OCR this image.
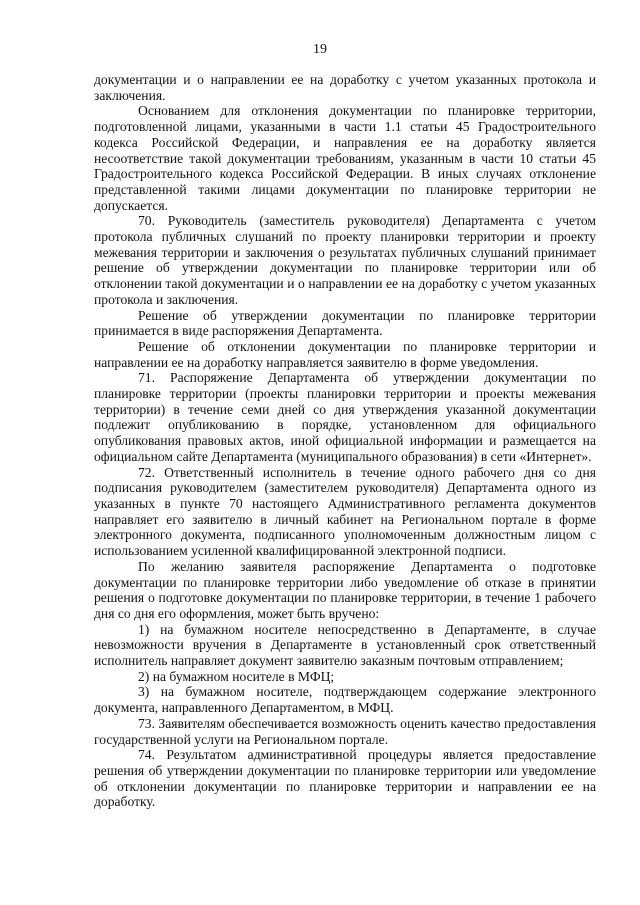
19

документации и о направлении ее на доработку с учетом указанных протокола и заключения.

Основанием для отклонения документации по планировке территории, подготовленной лицами, указанными в части 1.1 статьи 45 Градостроительного кодекса Российской Федерации, и направления ее на доработку является несоответствие такой документации требованиям, указанным в части 10 статьи 45 Градостроительного кодекса Российской Федерации. В иных случаях отклонение представленной такими лицами документации по планировке территории не допускается.

70. Руководитель (заместитель руководителя) Департамента с учетом протокола публичных слушаний по проекту планировки территории и проекту межевания территории и заключения о результатах публичных слушаний принимает решение об утверждении документации по планировке территории или об отклонении такой документации и о направлении ее на доработку с учетом указанных протокола и заключения.

Решение об утверждении документации по планировке территории принимается в виде распоряжения Департамента.

Решение об отклонении документации по планировке территории и направлении ее на доработку направляется заявителю в форме уведомления.

71. Распоряжение Департамента об утверждении документации по планировке территории (проекты планировки территории и проекты межевания территории) в течение семи дней со дня утверждения указанной документации подлежит опубликованию в порядке, установленном для официального опубликования правовых актов, иной официальной информации и размещается на официальном сайте Департамента (муниципального образования) в сети «Интернет».

72. Ответственный исполнитель в течение одного рабочего дня со дня подписания руководителем (заместителем руководителя) Департамента одного из указанных в пункте 70 настоящего Административного регламента документов направляет его заявителю в личный кабинет на Региональном портале в форме электронного документа, подписанного уполномоченным должностным лицом с использованием усиленной квалифицированной электронной подписи.

По желанию заявителя распоряжение Департамента о подготовке документации по планировке территории либо уведомление об отказе в принятии решения о подготовке документации по планировке территории, в течение 1 рабочего дня со дня его оформления, может быть вручено:

1) на бумажном носителе непосредственно в Департаменте, в случае невозможности вручения в Департаменте в установленный срок ответственный исполнитель направляет документ заявителю заказным почтовым отправлением;

2) на бумажном носителе в МФЦ;

3) на бумажном носителе, подтверждающем содержание электронного документа, направленного Департаментом, в МФЦ.

73. Заявителям обеспечивается возможность оценить качество предоставления государственной услуги на Региональном портале.

74. Результатом административной процедуры является предоставление решения об утверждении документации по планировке территории или уведомление об отклонении документации по планировке территории и направлении ее на доработку.
